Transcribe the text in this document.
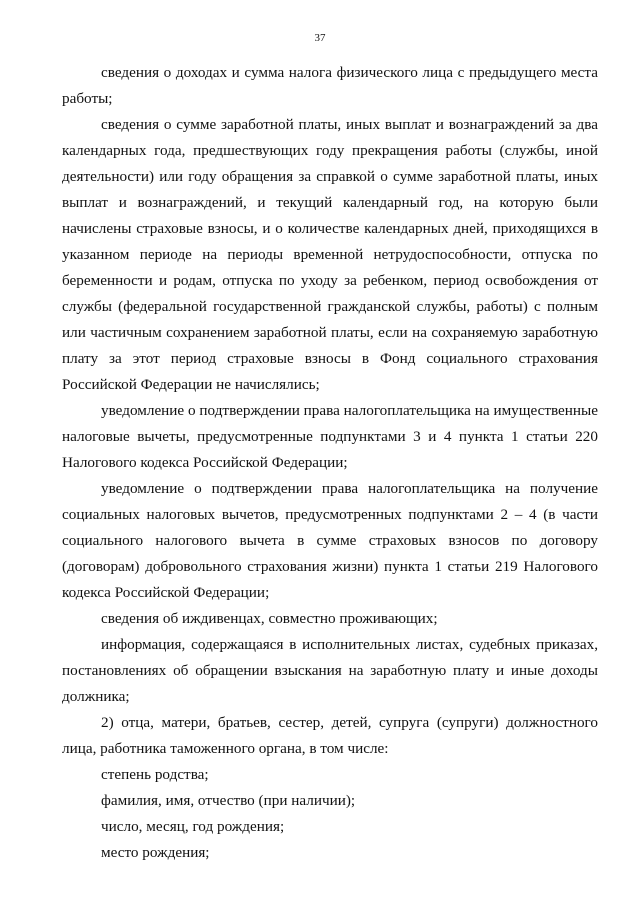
37

сведения о доходах и сумма налога физического лица с предыдущего места работы;

сведения о сумме заработной платы, иных выплат и вознаграждений за два календарных года, предшествующих году прекращения работы (службы, иной деятельности) или году обращения за справкой о сумме заработной платы, иных выплат и вознаграждений, и текущий календарный год, на которую были начислены страховые взносы, и о количестве календарных дней, приходящихся в указанном периоде на периоды временной нетрудоспособности, отпуска по беременности и родам, отпуска по уходу за ребенком, период освобождения от службы (федеральной государственной гражданской службы, работы) с полным или частичным сохранением заработной платы, если на сохраняемую заработную плату за этот период страховые взносы в Фонд социального страхования Российской Федерации не начислялись;

уведомление о подтверждении права налогоплательщика на имущественные налоговые вычеты, предусмотренные подпунктами 3 и 4 пункта 1 статьи 220 Налогового кодекса Российской Федерации;

уведомление о подтверждении права налогоплательщика на получение социальных налоговых вычетов, предусмотренных подпунктами 2 – 4 (в части социального налогового вычета в сумме страховых взносов по договору (договорам) добровольного страхования жизни) пункта 1 статьи 219 Налогового кодекса Российской Федерации;

сведения об иждивенцах, совместно проживающих;

информация, содержащаяся в исполнительных листах, судебных приказах, постановлениях об обращении взыскания на заработную плату и иные доходы должника;

2) отца, матери, братьев, сестер, детей, супруга (супруги) должностного лица, работника таможенного органа, в том числе:

степень родства;

фамилия, имя, отчество (при наличии);

число, месяц, год рождения;

место рождения;
